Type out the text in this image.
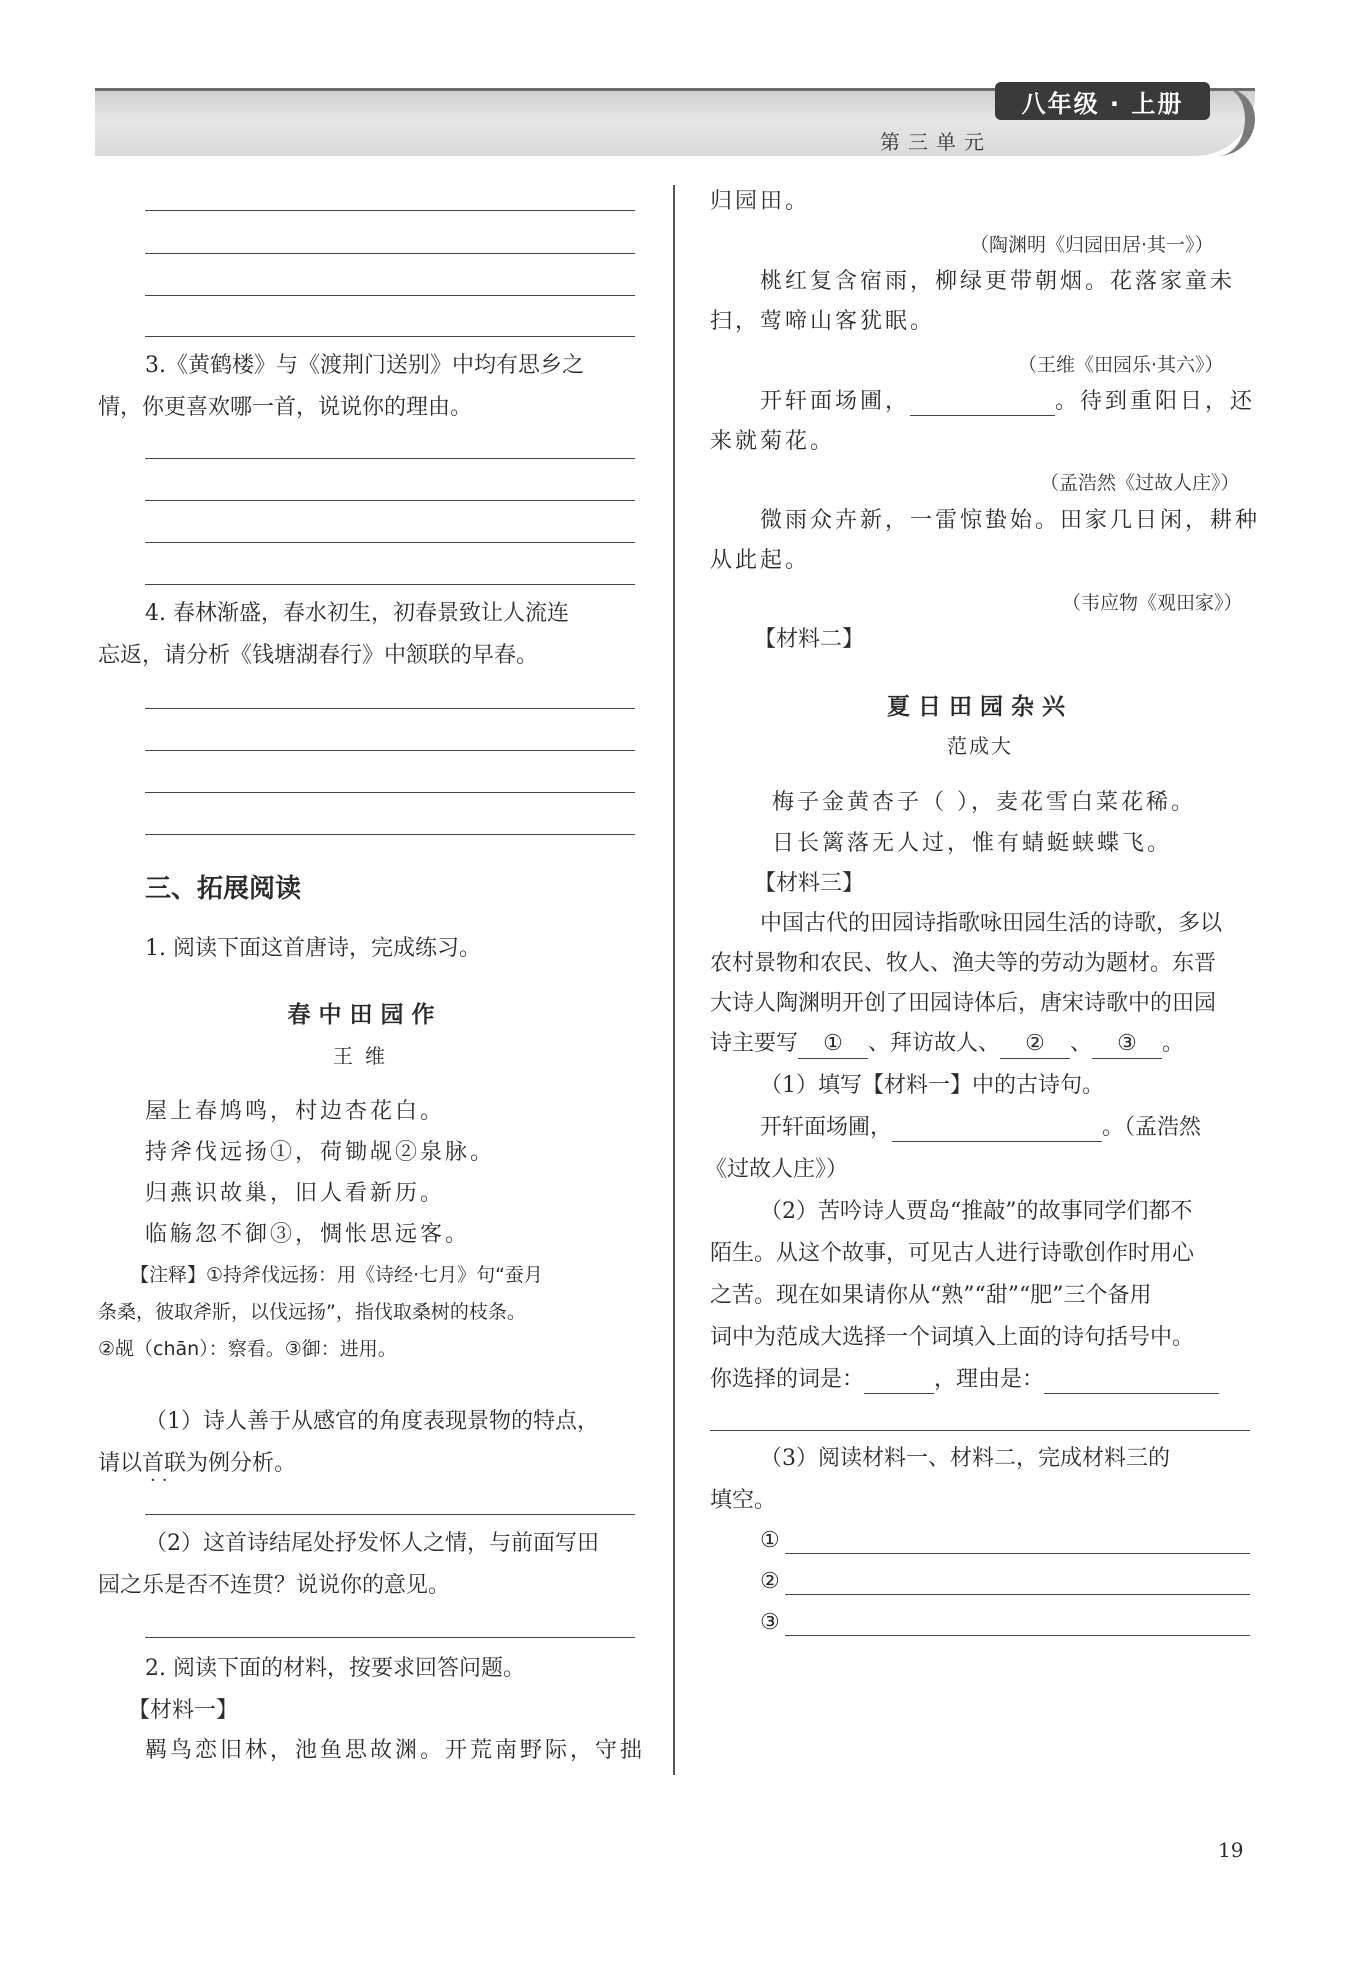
八年级 · 上册
第三单元
3.《黄鹤楼》与《渡荆门送别》中均有思乡之
情，你更喜欢哪一首，说说你的理由。
4. 春林渐盛，春水初生，初春景致让人流连
忘返，请分析《钱塘湖春行》中颔联的早春。
三、拓展阅读
1. 阅读下面这首唐诗，完成练习。
春中田园作
王维
屋上春鸠鸣，村边杏花白。
持斧伐远扬①，荷锄觇②泉脉。
归燕识故巢，旧人看新历。
临觞忽不御③，惆怅思远客。
【注释】①持斧伐远扬：用《诗经·七月》句“蚕月
条桑，彼取斧斨，以伐远扬”，指伐取桑树的枝条。
②觇（chān）：察看。③御：进用。
（1）诗人善于从感官的角度表现景物的特点，
请以首联为例分析。
··
（2）这首诗结尾处抒发怀人之情，与前面写田
园之乐是否不连贯？说说你的意见。
2. 阅读下面的材料，按要求回答问题。
【材料一】
羁鸟恋旧林，池鱼思故渊。开荒南野际，守拙
归园田。
（陶渊明《归园田居·其一》）
桃红复含宿雨，柳绿更带朝烟。花落家童未
扫，莺啼山客犹眠。
（王维《田园乐·其六》）
开轩面场圃，	。待到重阳日，还
来就菊花。
（孟浩然《过故人庄》）
微雨众卉新，一雷惊蛰始。田家几日闲，耕种
从此起。
（韦应物《观田家》）
【材料二】
夏日田园杂兴
范成大
梅子金黄杏子（ ），麦花雪白菜花稀。
日长篱落无人过，惟有蜻蜓蛱蝶飞。
【材料三】
中国古代的田园诗指歌咏田园生活的诗歌，多以
农村景物和农民、牧人、渔夫等的劳动为题材。东晋
大诗人陶渊明开创了田园诗体后，唐宋诗歌中的田园
诗主要写 ① 、拜访故人、 ② 、 ③ 。
（1）填写【材料一】中的古诗句。
开轩面场圃，	。（孟浩然
《过故人庄》）
（2）苦吟诗人贾岛“推敲”的故事同学们都不
陌生。从这个故事，可见古人进行诗歌创作时用心
之苦。现在如果请你从“熟”“甜”“肥”三个备用
词中为范成大选择一个词填入上面的诗句括号中。
你选择的词是：	，理由是：
（3）阅读材料一、材料二，完成材料三的
填空。
①
②
③
19
